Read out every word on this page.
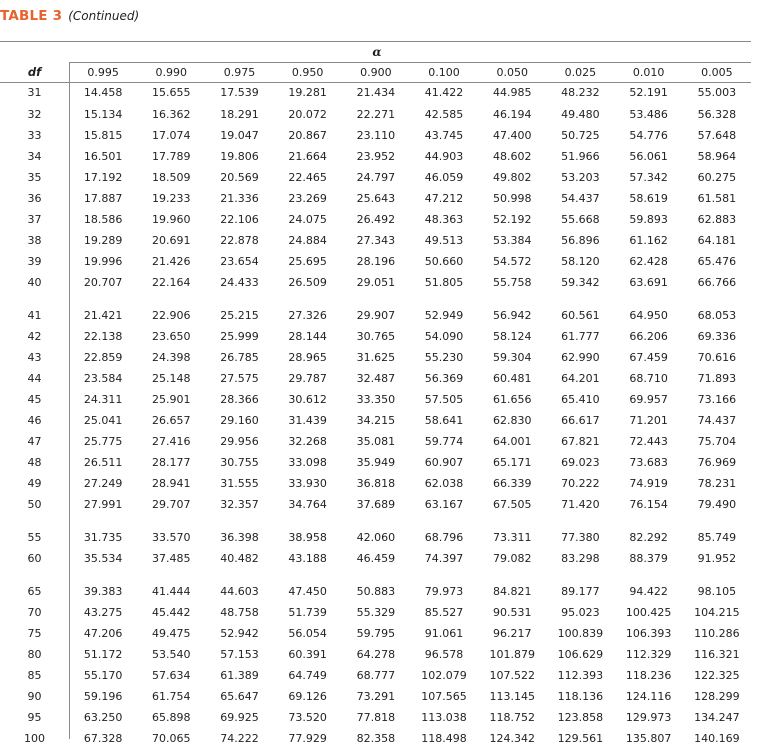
TABLE 3 (Continued)
α
df	0.995	0.990	0.975	0.950	0.900	0.100	0.050	0.025	0.010	0.005
31	14.458	15.655	17.539	19.281	21.434	41.422	44.985	48.232	52.191	55.003
32	15.134	16.362	18.291	20.072	22.271	42.585	46.194	49.480	53.486	56.328
33	15.815	17.074	19.047	20.867	23.110	43.745	47.400	50.725	54.776	57.648
34	16.501	17.789	19.806	21.664	23.952	44.903	48.602	51.966	56.061	58.964
35	17.192	18.509	20.569	22.465	24.797	46.059	49.802	53.203	57.342	60.275
36	17.887	19.233	21.336	23.269	25.643	47.212	50.998	54.437	58.619	61.581
37	18.586	19.960	22.106	24.075	26.492	48.363	52.192	55.668	59.893	62.883
38	19.289	20.691	22.878	24.884	27.343	49.513	53.384	56.896	61.162	64.181
39	19.996	21.426	23.654	25.695	28.196	50.660	54.572	58.120	62.428	65.476
40	20.707	22.164	24.433	26.509	29.051	51.805	55.758	59.342	63.691	66.766

41	21.421	22.906	25.215	27.326	29.907	52.949	56.942	60.561	64.950	68.053
42	22.138	23.650	25.999	28.144	30.765	54.090	58.124	61.777	66.206	69.336
43	22.859	24.398	26.785	28.965	31.625	55.230	59.304	62.990	67.459	70.616
44	23.584	25.148	27.575	29.787	32.487	56.369	60.481	64.201	68.710	71.893
45	24.311	25.901	28.366	30.612	33.350	57.505	61.656	65.410	69.957	73.166
46	25.041	26.657	29.160	31.439	34.215	58.641	62.830	66.617	71.201	74.437
47	25.775	27.416	29.956	32.268	35.081	59.774	64.001	67.821	72.443	75.704
48	26.511	28.177	30.755	33.098	35.949	60.907	65.171	69.023	73.683	76.969
49	27.249	28.941	31.555	33.930	36.818	62.038	66.339	70.222	74.919	78.231
50	27.991	29.707	32.357	34.764	37.689	63.167	67.505	71.420	76.154	79.490

55	31.735	33.570	36.398	38.958	42.060	68.796	73.311	77.380	82.292	85.749
60	35.534	37.485	40.482	43.188	46.459	74.397	79.082	83.298	88.379	91.952

65	39.383	41.444	44.603	47.450	50.883	79.973	84.821	89.177	94.422	98.105
70	43.275	45.442	48.758	51.739	55.329	85.527	90.531	95.023	100.425	104.215
75	47.206	49.475	52.942	56.054	59.795	91.061	96.217	100.839	106.393	110.286
80	51.172	53.540	57.153	60.391	64.278	96.578	101.879	106.629	112.329	116.321
85	55.170	57.634	61.389	64.749	68.777	102.079	107.522	112.393	118.236	122.325
90	59.196	61.754	65.647	69.126	73.291	107.565	113.145	118.136	124.116	128.299
95	63.250	65.898	69.925	73.520	77.818	113.038	118.752	123.858	129.973	134.247
100	67.328	70.065	74.222	77.929	82.358	118.498	124.342	129.561	135.807	140.169
